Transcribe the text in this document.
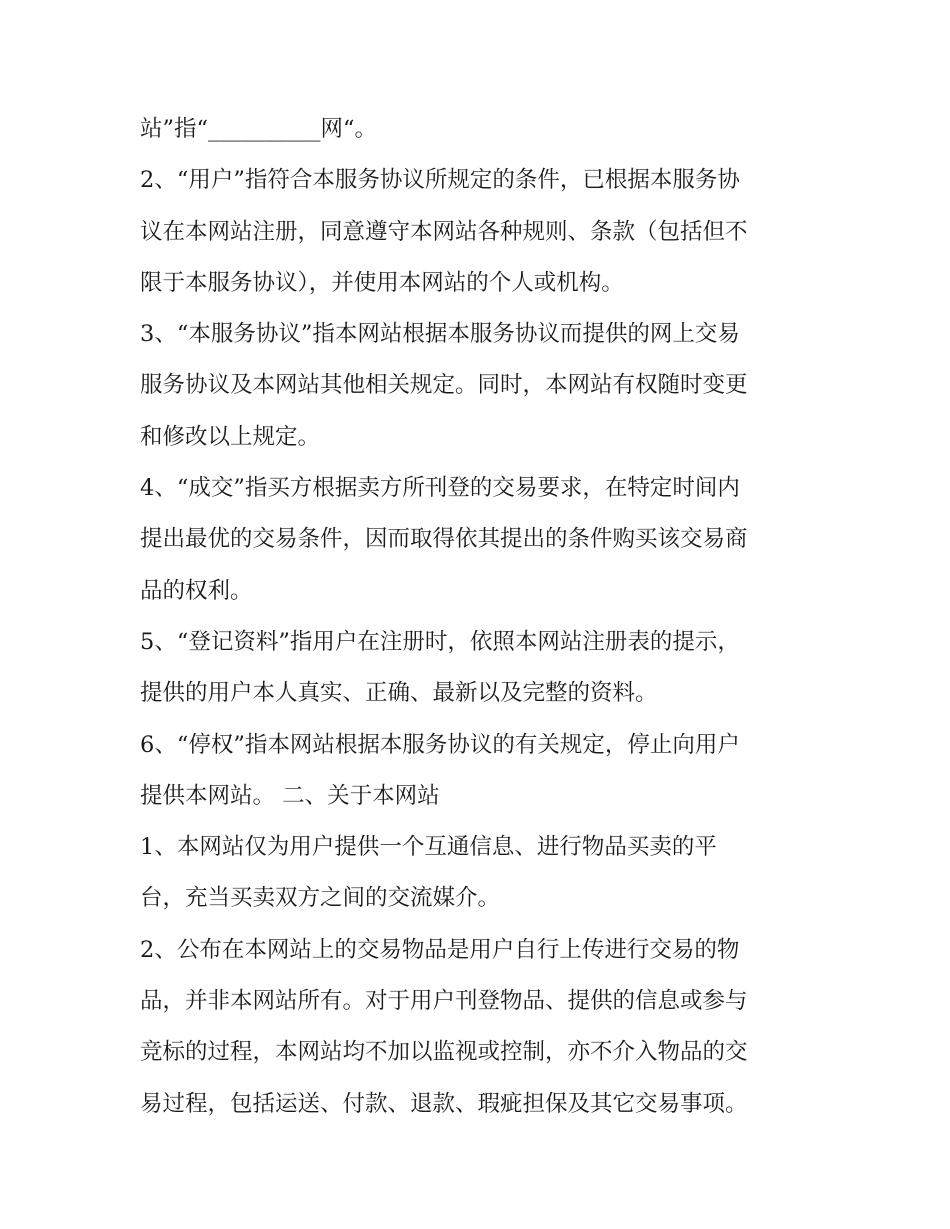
站”指“__________网“。
2、“用户”指符合本服务协议所规定的条件，已根据本服务协
议在本网站注册，同意遵守本网站各种规则、条款（包括但不
限于本服务协议），并使用本网站的个人或机构。
3、“本服务协议”指本网站根据本服务协议而提供的网上交易
服务协议及本网站其他相关规定。同时，本网站有权随时变更
和修改以上规定。
4、“成交”指买方根据卖方所刊登的交易要求，在特定时间内
提出最优的交易条件，因而取得依其提出的条件购买该交易商
品的权利。
5、“登记资料”指用户在注册时，依照本网站注册表的提示，
提供的用户本人真实、正确、最新以及完整的资料。
6、“停权”指本网站根据本服务协议的有关规定，停止向用户
提供本网站。 二、关于本网站
1、本网站仅为用户提供一个互通信息、进行物品买卖的平
台，充当买卖双方之间的交流媒介。
2、公布在本网站上的交易物品是用户自行上传进行交易的物
品，并非本网站所有。对于用户刊登物品、提供的信息或参与
竞标的过程，本网站均不加以监视或控制，亦不介入物品的交
易过程，包括运送、付款、退款、瑕疵担保及其它交易事项。
